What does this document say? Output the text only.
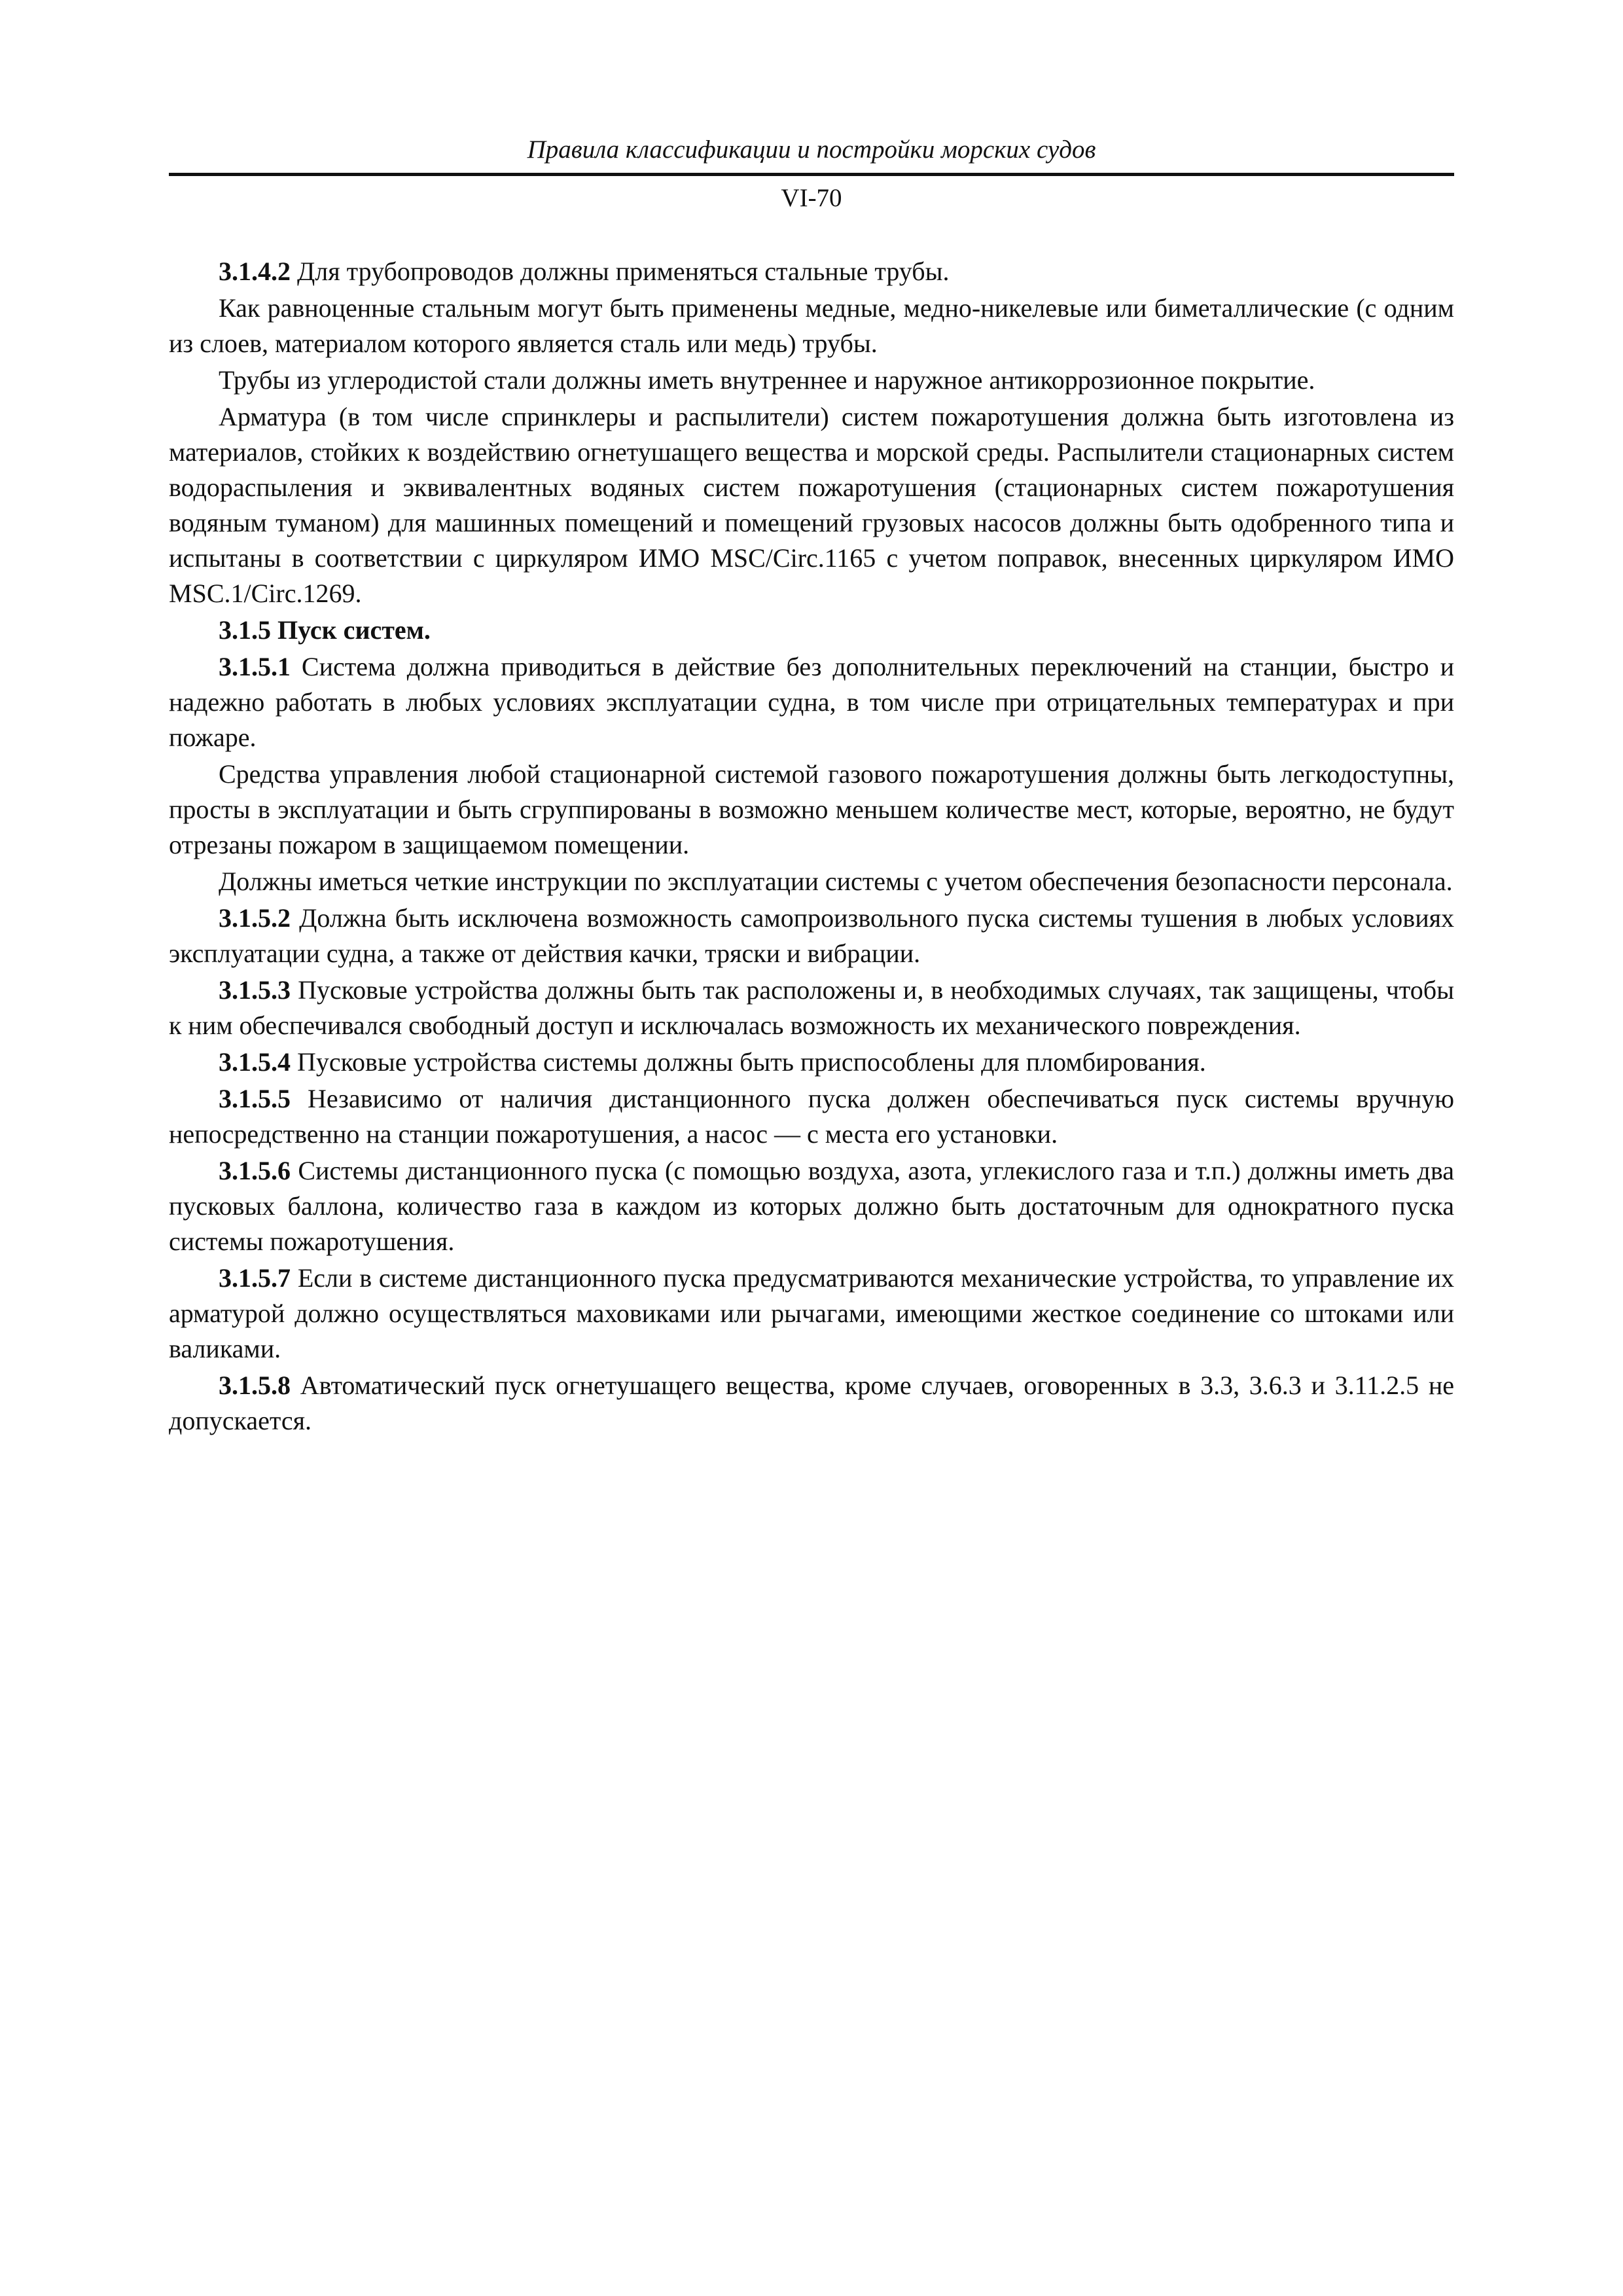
Правила классификации и постройки морских судов
VI-70

3.1.4.2 Для трубопроводов должны применяться стальные трубы.

Как равноценные стальным могут быть применены медные, медно-никелевые или биметаллические (с одним из слоев, материалом которого является сталь или медь) трубы.

Трубы из углеродистой стали должны иметь внутреннее и наружное антикоррозионное покрытие.

Арматура (в том числе спринклеры и распылители) систем пожаротушения должна быть изготовлена из материалов, стойких к воздействию огнетушащего вещества и морской среды. Распылители стационарных систем водораспыления и эквивалентных водяных систем пожаротушения (стационарных систем пожаротушения водяным туманом) для машинных помещений и помещений грузовых насосов должны быть одобренного типа и испытаны в соответствии с циркуляром ИМО MSC/Circ.1165 с учетом поправок, внесенных циркуляром ИМО MSC.1/Circ.1269.

3.1.5 Пуск систем.

3.1.5.1 Система должна приводиться в действие без дополнительных переключений на станции, быстро и надежно работать в любых условиях эксплуатации судна, в том числе при отрицательных температурах и при пожаре.

Средства управления любой стационарной системой газового пожаротушения должны быть легкодоступны, просты в эксплуатации и быть сгруппированы в возможно меньшем количестве мест, которые, вероятно, не будут отрезаны пожаром в защищаемом помещении.

Должны иметься четкие инструкции по эксплуатации системы с учетом обеспечения безопасности персонала.

3.1.5.2 Должна быть исключена возможность самопроизвольного пуска системы тушения в любых условиях эксплуатации судна, а также от действия качки, тряски и вибрации.

3.1.5.3 Пусковые устройства должны быть так расположены и, в необходимых случаях, так защищены, чтобы к ним обеспечивался свободный доступ и исключалась возможность их механического повреждения.

3.1.5.4 Пусковые устройства системы должны быть приспособлены для пломбирования.

3.1.5.5 Независимо от наличия дистанционного пуска должен обеспечиваться пуск системы вручную непосредственно на станции пожаротушения, а насос — с места его установки.

3.1.5.6 Системы дистанционного пуска (с помощью воздуха, азота, углекислого газа и т.п.) должны иметь два пусковых баллона, количество газа в каждом из которых должно быть достаточным для однократного пуска системы пожаротушения.

3.1.5.7 Если в системе дистанционного пуска предусматриваются механические устройства, то управление их арматурой должно осуществляться маховиками или рычагами, имеющими жесткое соединение со штоками или валиками.

3.1.5.8 Автоматический пуск огнетушащего вещества, кроме случаев, оговоренных в 3.3, 3.6.3 и 3.11.2.5 не допускается.
